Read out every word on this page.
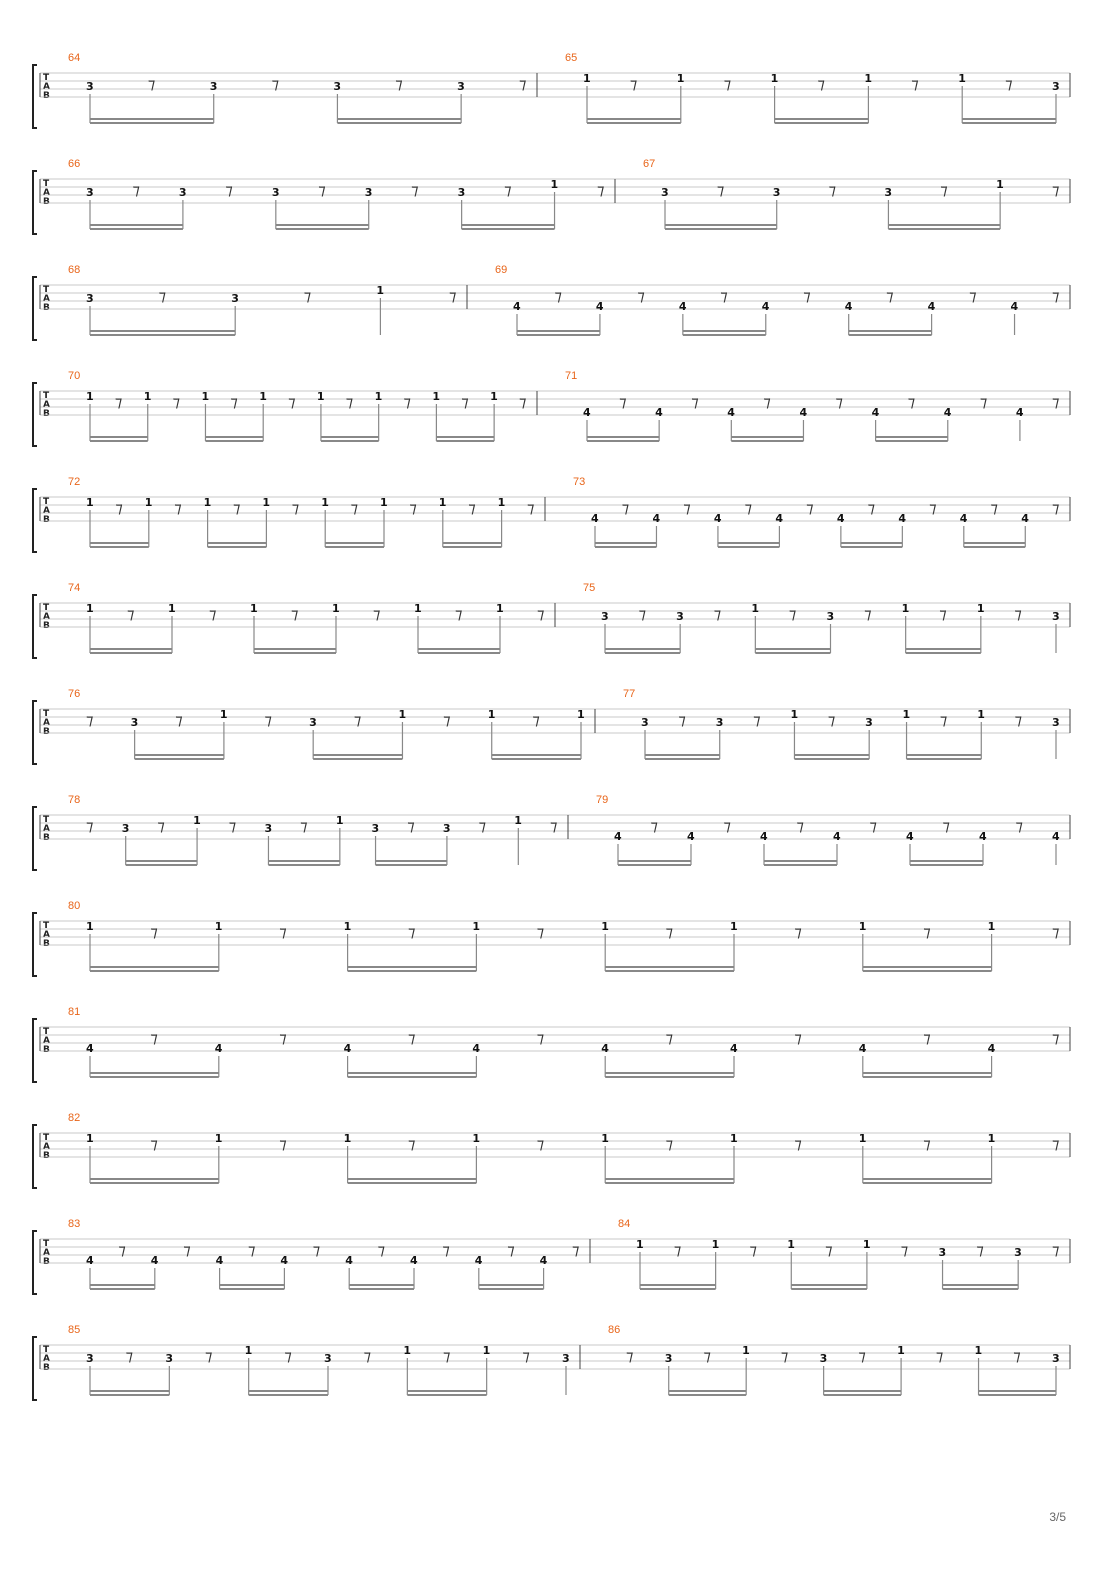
T
A
B
64
3	⁊	3	⁊	3	⁊	3	⁊
65
1	⁊	1	⁊	1	⁊	1	⁊	1	⁊	3
T
A
B
66
3	⁊	3	⁊	3	⁊	3	⁊	3	⁊	1	⁊
67
3	⁊	3	⁊	3	⁊	1	⁊
T
A
B
68
3	⁊	3	⁊	1	⁊
69
4
⁊
4
⁊
4
⁊
4
⁊
4
⁊
4
⁊
4
⁊
T
A
B
70
1 ⁊ 1 ⁊ 1 ⁊ 1 ⁊ 1 ⁊ 1 ⁊ 1 ⁊ 1 ⁊
71
4
⁊
4
⁊
4
⁊
4
⁊
4
⁊
4
⁊
4
⁊
T
A
B
72
1 ⁊ 1 ⁊ 1 ⁊ 1 ⁊ 1 ⁊ 1 ⁊ 1 ⁊ 1 ⁊
73
4
⁊
4
⁊
4
⁊
4
⁊
4
⁊
4
⁊
4
⁊
4
⁊
T
A
B
74
1 ⁊	1 ⁊	1 ⁊	1 ⁊	1 ⁊	1 ⁊
75
3 ⁊	3 ⁊	1 ⁊	3 ⁊	1 ⁊	1 ⁊	3
T
A
B
76
⁊	3 ⁊	1 ⁊	3 ⁊	1 ⁊	1 ⁊	1
77
3 ⁊	3 ⁊	1 ⁊	3
1 ⁊	1 ⁊	3
T
A
B
78
⁊	3 ⁊	1 ⁊	3 ⁊	1
3 ⁊	3 ⁊	1 ⁊
79
4
⁊
4
⁊
4
⁊
4
⁊
4
⁊
4
⁊
4
T
A
B
80
1	⁊	1	⁊	1	⁊	1	⁊	1	⁊	1	⁊	1	⁊	1	⁊
T
A
B
81
4
⁊
4
⁊
4
⁊
4
⁊
4
⁊
4
⁊
4
⁊
4
⁊
T
A
B
82
1	⁊	1	⁊	1	⁊	1	⁊	1	⁊	1	⁊	1	⁊	1	⁊
T
A
B
83
4
⁊
4
⁊
4
⁊
4
⁊
4
⁊
4
⁊
4
⁊
4
⁊
84
1 ⁊	1 ⁊	1 ⁊	1 ⁊	3 ⁊	3 ⁊
T
A
B
85
3 ⁊	3 ⁊	1 ⁊	3 ⁊	1 ⁊	1 ⁊	3
86
⁊	3 ⁊	1 ⁊	3 ⁊	1 ⁊	1 ⁊	3
3/5
